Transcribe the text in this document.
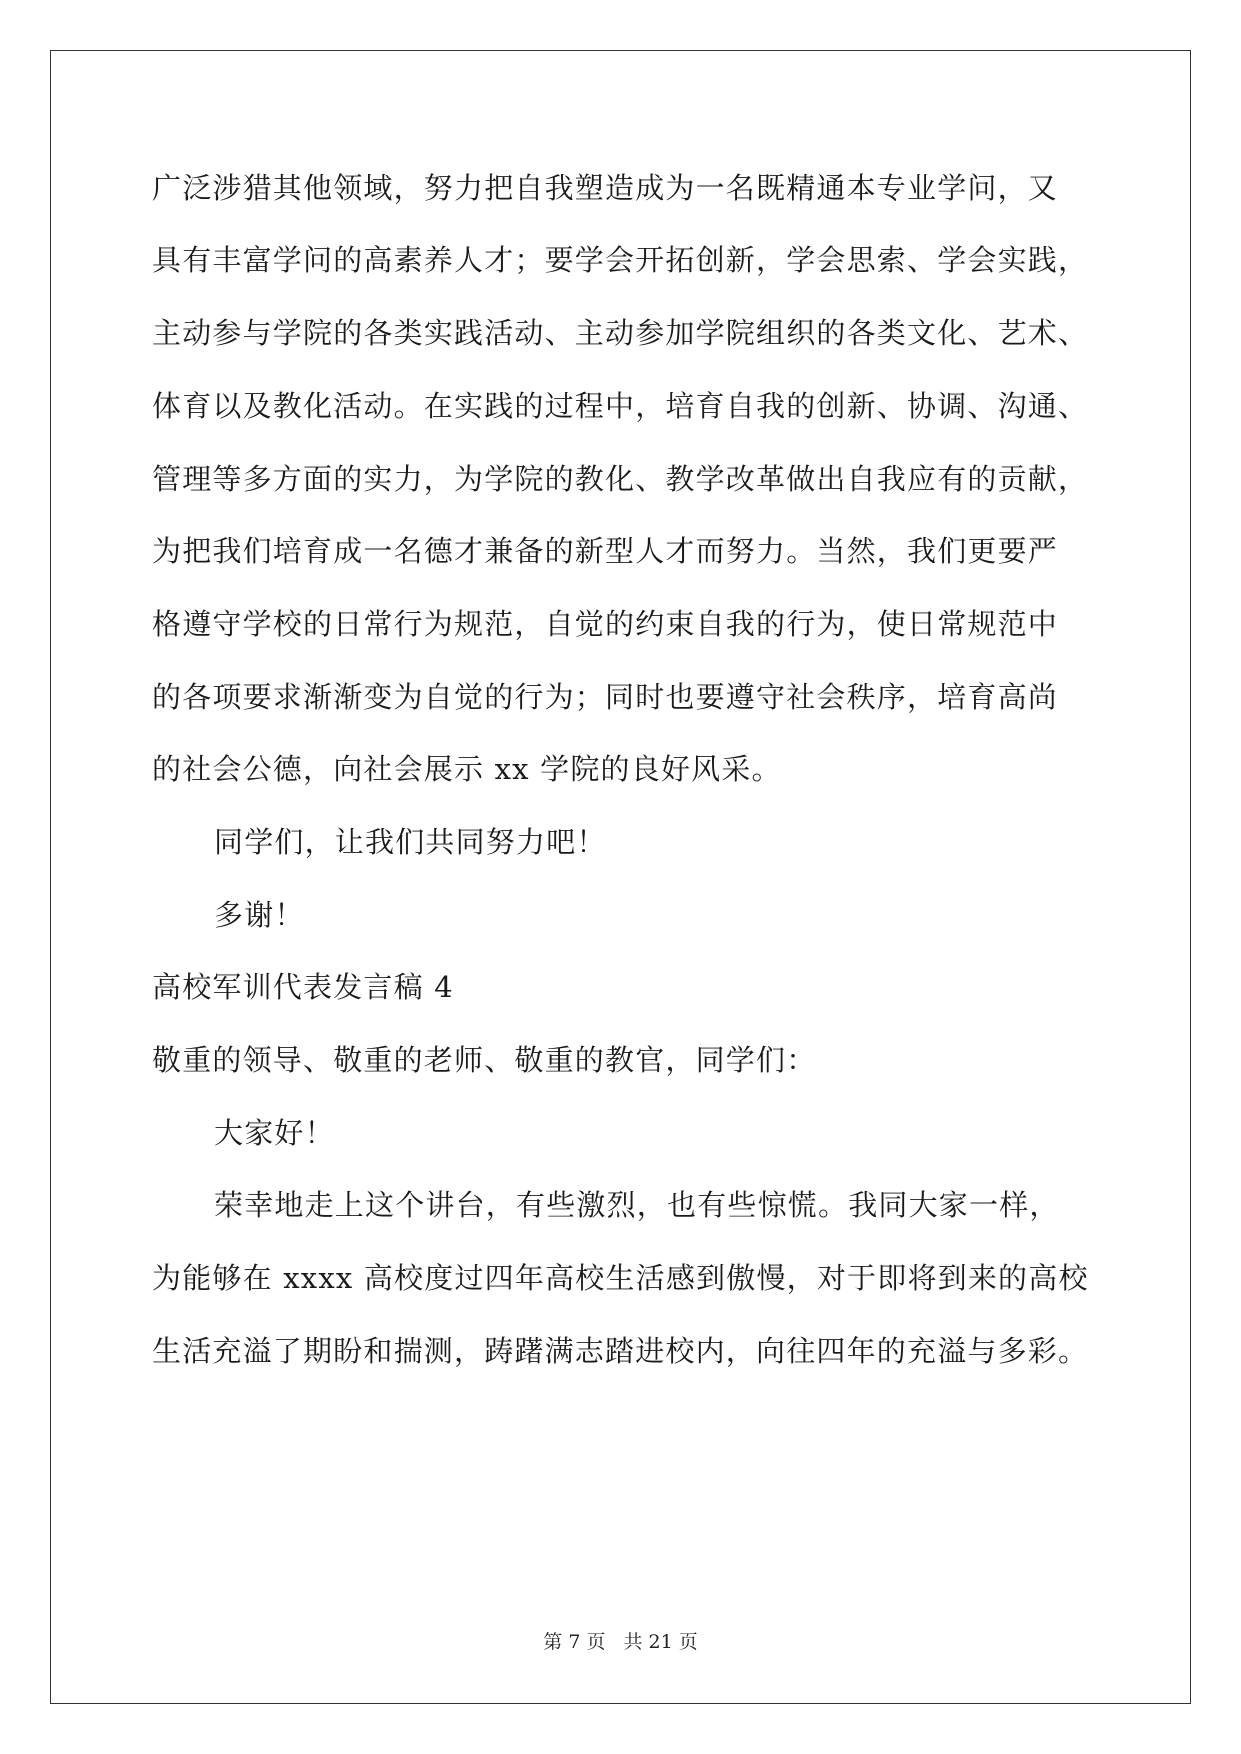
广泛涉猎其他领域，努力把自我塑造成为一名既精通本专业学问，又
具有丰富学问的高素养人才；要学会开拓创新，学会思索、学会实践，
主动参与学院的各类实践活动、主动参加学院组织的各类文化、艺术、
体育以及教化活动。在实践的过程中，培育自我的创新、协调、沟通、
管理等多方面的实力，为学院的教化、教学改革做出自我应有的贡献，
为把我们培育成一名德才兼备的新型人才而努力。当然，我们更要严
格遵守学校的日常行为规范，自觉的约束自我的行为，使日常规范中
的各项要求渐渐变为自觉的行为；同时也要遵守社会秩序，培育高尚
的社会公德，向社会展示 xx 学院的良好风采。
同学们，让我们共同努力吧！
多谢！
高校军训代表发言稿 4
敬重的领导、敬重的老师、敬重的教官，同学们：
大家好！
荣幸地走上这个讲台，有些激烈，也有些惊慌。我同大家一样，
为能够在 xxxx 高校度过四年高校生活感到傲慢，对于即将到来的高校
生活充溢了期盼和揣测，踌躇满志踏进校内，向往四年的充溢与多彩。
第 7 页 共 21 页
